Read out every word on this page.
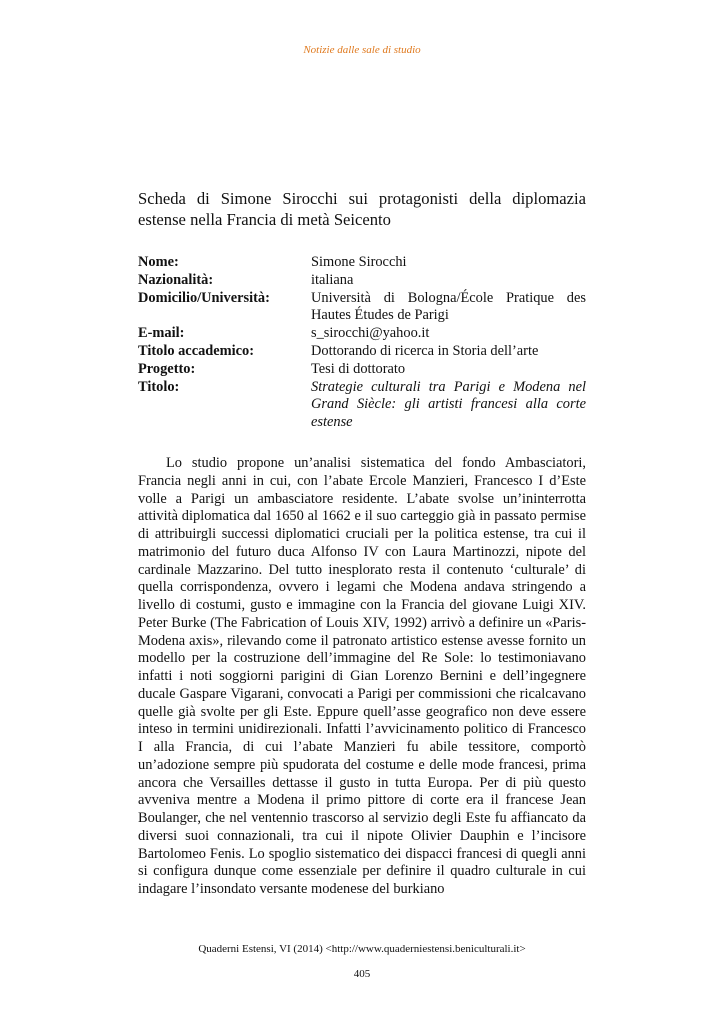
Notizie dalle sale di studio
Scheda di Simone Sirocchi sui protagonisti della diplomazia estense nella Francia di metà Seicento
Nome:	Simone Sirocchi
Nazionalità:	italiana
Domicilio/Università:	Università di Bologna/École Pratique des Hautes Études de Parigi
E-mail:	s_sirocchi@yahoo.it
Titolo accademico:	Dottorando di ricerca in Storia dell’arte
Progetto:	Tesi di dottorato
Titolo:	Strategie culturali tra Parigi e Modena nel Grand Siècle: gli artisti francesi alla corte estense

Lo studio propone un’analisi sistematica del fondo Ambasciatori, Francia negli anni in cui, con l’abate Ercole Manzieri, Francesco I d’Este volle a Parigi un ambasciatore residente. L’abate svolse un’ininterrotta attività diplomatica dal 1650 al 1662 e il suo carteggio già in passato permise di attribuirgli successi diplomatici cruciali per la politica estense, tra cui il matrimonio del futuro duca Alfonso IV con Laura Martinozzi, nipote del cardinale Mazzarino. Del tutto inesplorato resta il contenuto ‘culturale’ di quella corrispondenza, ovvero i legami che Modena andava stringendo a livello di costumi, gusto e immagine con la Francia del giovane Luigi XIV. Peter Burke (The Fabrication of Louis XIV, 1992) arrivò a definire un «Paris-Modena axis», rilevando come il patronato artistico estense avesse fornito un modello per la costruzione dell’immagine del Re Sole: lo testimoniavano infatti i noti soggiorni parigini di Gian Lorenzo Bernini e dell’ingegnere ducale Gaspare Vigarani, convocati a Parigi per commissioni che ricalcavano quelle già svolte per gli Este. Eppure quell’asse geografico non deve essere inteso in termini unidirezionali. Infatti l’avvicinamento politico di Francesco I alla Francia, di cui l’abate Manzieri fu abile tessitore, comportò un’adozione sempre più spudorata del costume e delle mode francesi, prima ancora che Versailles dettasse il gusto in tutta Europa. Per di più questo avveniva mentre a Modena il primo pittore di corte era il francese Jean Boulanger, che nel ventennio trascorso al servizio degli Este fu affiancato da diversi suoi connazionali, tra cui il nipote Olivier Dauphin e l’incisore Bartolomeo Fenis. Lo spoglio sistematico dei dispacci francesi di quegli anni si configura dunque come essenziale per definire il quadro culturale in cui indagare l’insondato versante modenese del burkiano

Quaderni Estensi, VI (2014) <http://www.quaderniestensi.beniculturali.it>
405
